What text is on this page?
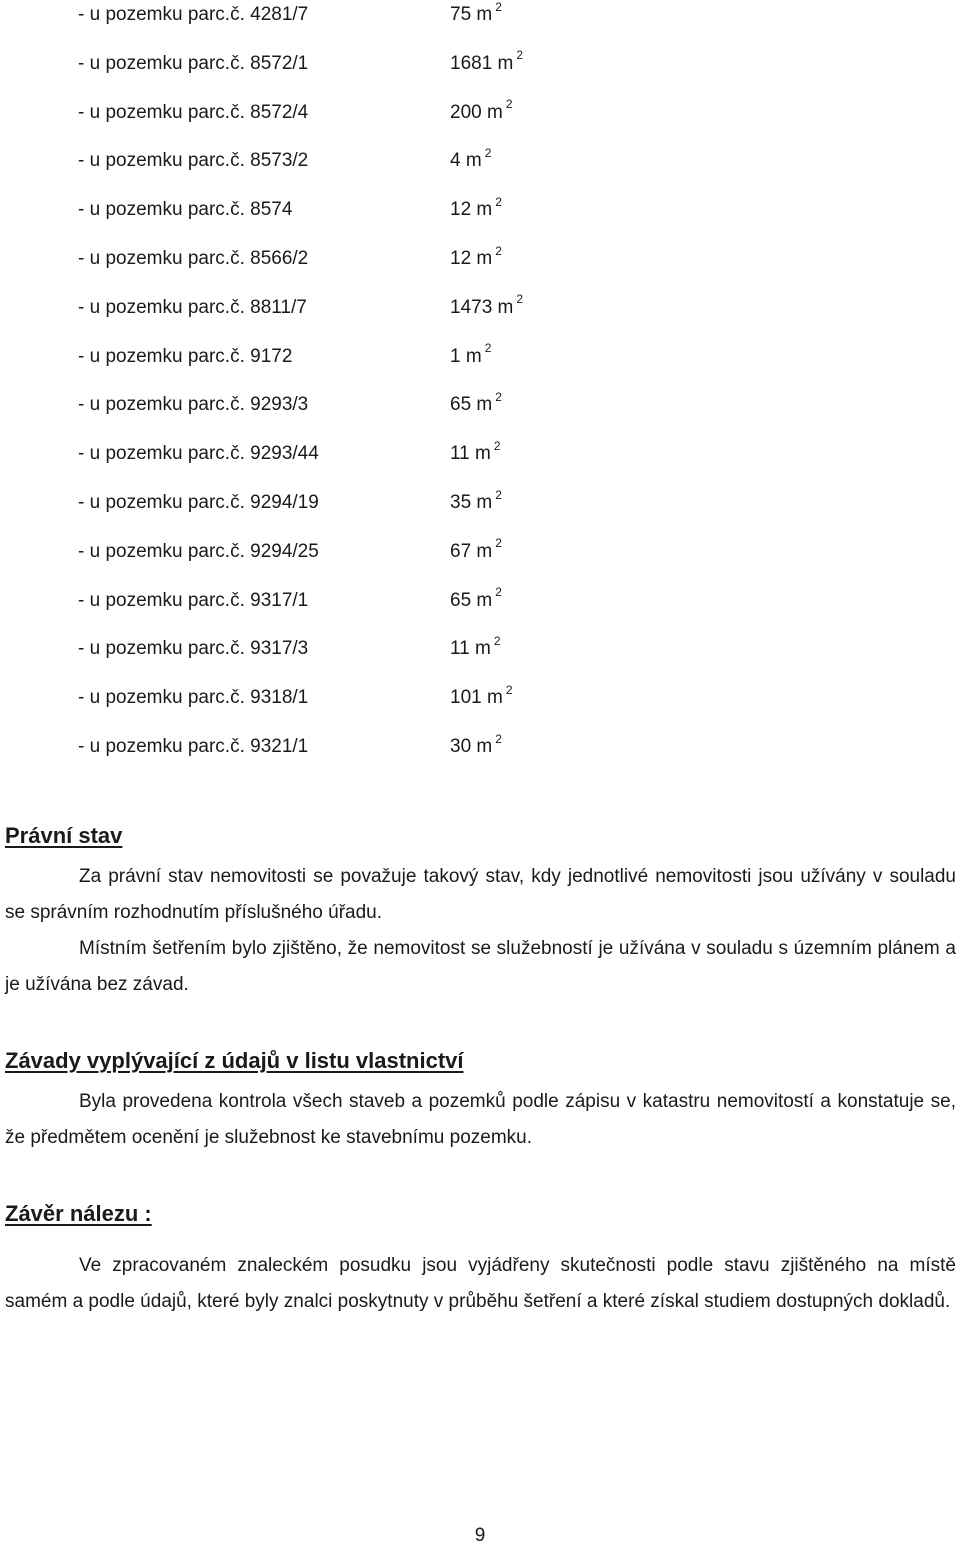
- u pozemku parc.č. 4281/7	75 m $^2$
- u pozemku parc.č. 8572/1	1681 m $^2$
- u pozemku parc.č. 8572/4	200 m $^2$
- u pozemku parc.č. 8573/2	4 m $^2$
- u pozemku parc.č. 8574	12 m $^2$
- u pozemku parc.č. 8566/2	12 m $^2$
- u pozemku parc.č. 8811/7	1473 m $^2$
- u pozemku parc.č. 9172	1 m $^2$
- u pozemku parc.č. 9293/3	65 m $^2$
- u pozemku parc.č. 9293/44	11 m $^2$
- u pozemku parc.č. 9294/19	35 m $^2$
- u pozemku parc.č. 9294/25	67 m $^2$
- u pozemku parc.č. 9317/1	65 m $^2$
- u pozemku parc.č. 9317/3	11 m $^2$
- u pozemku parc.č. 9318/1	101 m $^2$
- u pozemku parc.č. 9321/1	30 m $^2$
Právní stav

Za právní stav nemovitosti se považuje takový stav, kdy jednotlivé nemovitosti jsou užívány v souladu se správním rozhodnutím příslušného úřadu.

Místním šetřením bylo zjištěno, že nemovitost se služebností je užívána v souladu s územním plánem a je užívána bez závad.

Závady vyplývající z údajů v listu vlastnictví

Byla provedena kontrola všech staveb a pozemků podle zápisu v katastru nemovitostí a konstatuje se, že předmětem ocenění je služebnost ke stavebnímu pozemku.

Závěr nálezu :

Ve zpracovaném znaleckém posudku jsou vyjádřeny skutečnosti podle stavu zjištěného na místě samém a podle údajů, které byly znalci poskytnuty v průběhu šetření a které získal studiem dostupných dokladů.

9
